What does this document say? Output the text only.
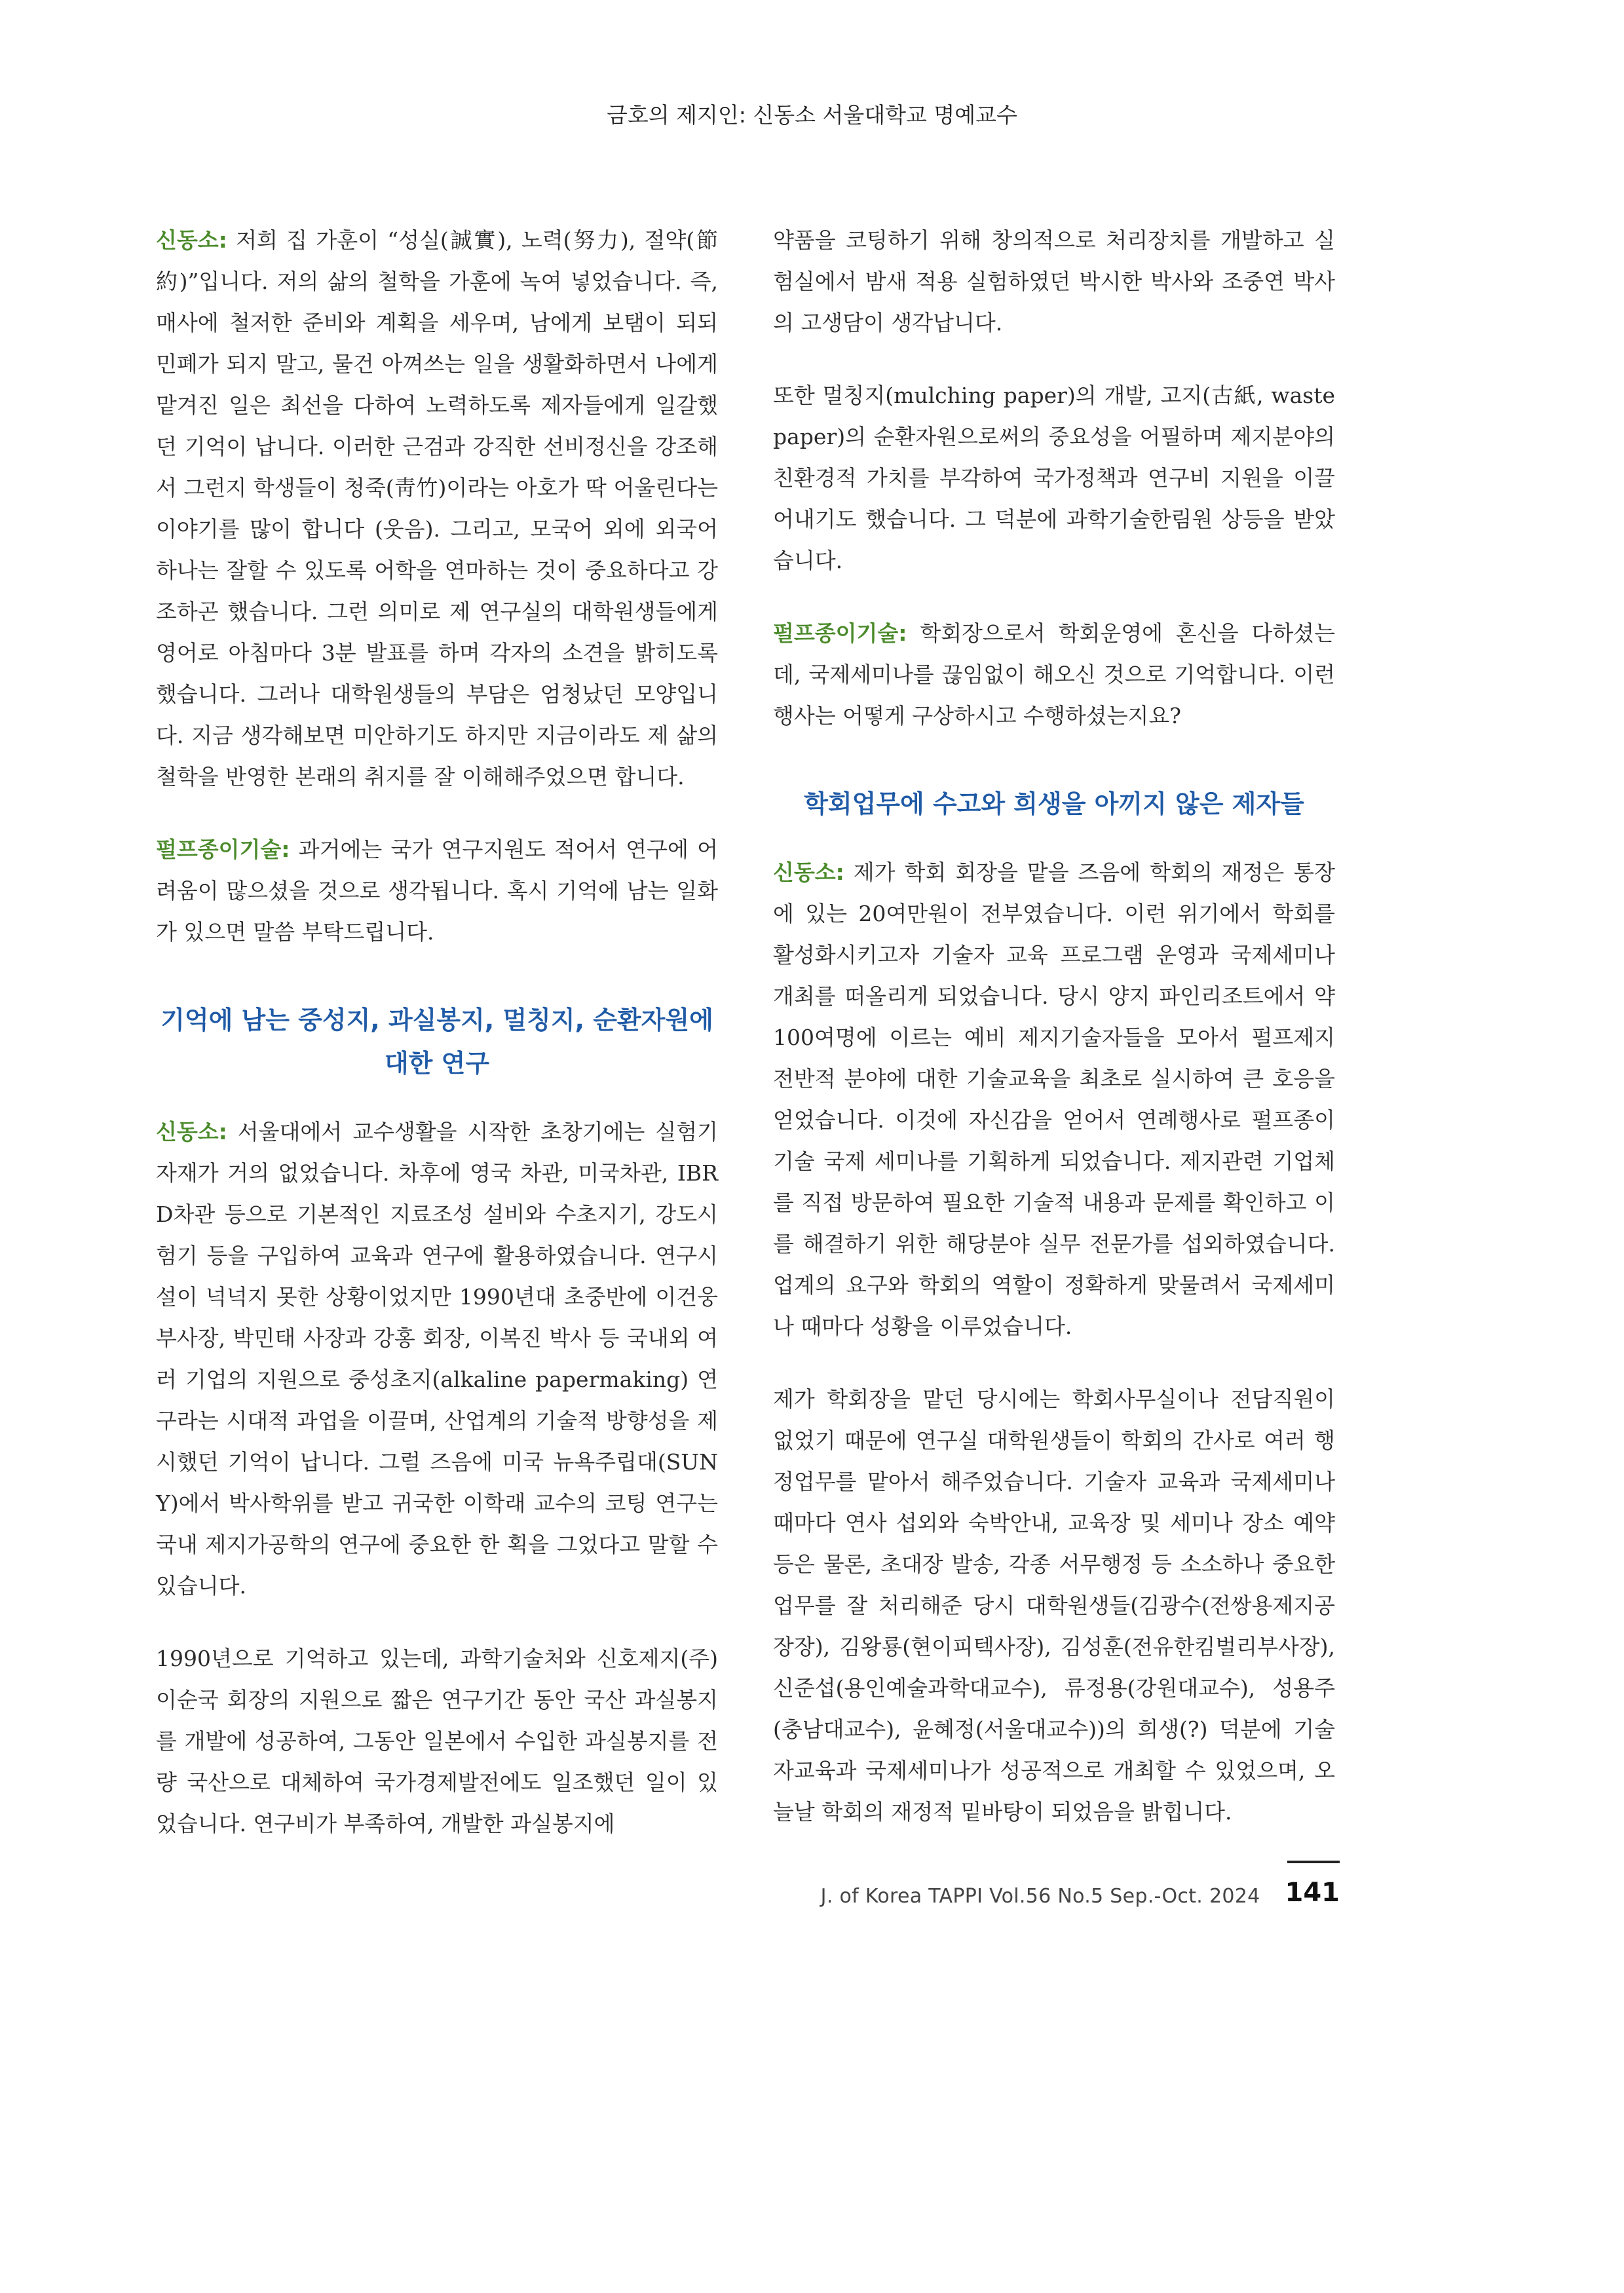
금호의 제지인: 신동소 서울대학교 명예교수

신동소: 저희 집 가훈이 “성실(誠實), 노력(努力), 절약(節約)”입니다. 저의 삶의 철학을 가훈에 녹여 넣었습니다. 즉, 매사에 철저한 준비와 계획을 세우며, 남에게 보탬이 되되 민폐가 되지 말고, 물건 아껴쓰는 일을 생활화하면서 나에게 맡겨진 일은 최선을 다하여 노력하도록 제자들에게 일갈했던 기억이 납니다. 이러한 근검과 강직한 선비정신을 강조해서 그런지 학생들이 청죽(靑竹)이라는 아호가 딱 어울린다는 이야기를 많이 합니다 (웃음). 그리고, 모국어 외에 외국어 하나는 잘할 수 있도록 어학을 연마하는 것이 중요하다고 강조하곤 했습니다. 그런 의미로 제 연구실의 대학원생들에게 영어로 아침마다 3분 발표를 하며 각자의 소견을 밝히도록 했습니다. 그러나 대학원생들의 부담은 엄청났던 모양입니다. 지금 생각해보면 미안하기도 하지만 지금이라도 제 삶의 철학을 반영한 본래의 취지를 잘 이해해주었으면 합니다.

펄프종이기술: 과거에는 국가 연구지원도 적어서 연구에 어려움이 많으셨을 것으로 생각됩니다. 혹시 기억에 남는 일화가 있으면 말씀 부탁드립니다.

기억에 남는 중성지, 과실봉지, 멀칭지, 순환자원에 대한 연구

신동소: 서울대에서 교수생활을 시작한 초창기에는 실험기자재가 거의 없었습니다. 차후에 영국 차관, 미국차관, IBRD차관 등으로 기본적인 지료조성 설비와 수초지기, 강도시험기 등을 구입하여 교육과 연구에 활용하였습니다. 연구시설이 넉넉지 못한 상황이었지만 1990년대 초중반에 이건웅 부사장, 박민태 사장과 강홍 회장, 이복진 박사 등 국내외 여러 기업의 지원으로 중성초지(alkaline papermaking) 연구라는 시대적 과업을 이끌며, 산업계의 기술적 방향성을 제시했던 기억이 납니다. 그럴 즈음에 미국 뉴욕주립대(SUNY)에서 박사학위를 받고 귀국한 이학래 교수의 코팅 연구는 국내 제지가공학의 연구에 중요한 한 획을 그었다고 말할 수 있습니다.

1990년으로 기억하고 있는데, 과학기술처와 신호제지(주) 이순국 회장의 지원으로 짧은 연구기간 동안 국산 과실봉지를 개발에 성공하여, 그동안 일본에서 수입한 과실봉지를 전량 국산으로 대체하여 국가경제발전에도 일조했던 일이 있었습니다. 연구비가 부족하여, 개발한 과실봉지에

약품을 코팅하기 위해 창의적으로 처리장치를 개발하고 실험실에서 밤새 적용 실험하였던 박시한 박사와 조중연 박사의 고생담이 생각납니다.

또한 멀칭지(mulching paper)의 개발, 고지(古紙, waste paper)의 순환자원으로써의 중요성을 어필하며 제지분야의 친환경적 가치를 부각하여 국가정책과 연구비 지원을 이끌어내기도 했습니다. 그 덕분에 과학기술한림원 상등을 받았습니다.

펄프종이기술: 학회장으로서 학회운영에 혼신을 다하셨는데, 국제세미나를 끊임없이 해오신 것으로 기억합니다. 이런 행사는 어떻게 구상하시고 수행하셨는지요?

학회업무에 수고와 희생을 아끼지 않은 제자들

신동소: 제가 학회 회장을 맡을 즈음에 학회의 재정은 통장에 있는 20여만원이 전부였습니다. 이런 위기에서 학회를 활성화시키고자 기술자 교육 프로그램 운영과 국제세미나 개최를 떠올리게 되었습니다. 당시 양지 파인리조트에서 약 100여명에 이르는 예비 제지기술자들을 모아서 펄프제지 전반적 분야에 대한 기술교육을 최초로 실시하여 큰 호응을 얻었습니다. 이것에 자신감을 얻어서 연례행사로 펄프종이기술 국제 세미나를 기획하게 되었습니다. 제지관련 기업체를 직접 방문하여 필요한 기술적 내용과 문제를 확인하고 이를 해결하기 위한 해당분야 실무 전문가를 섭외하였습니다. 업계의 요구와 학회의 역할이 정확하게 맞물려서 국제세미나 때마다 성황을 이루었습니다.

제가 학회장을 맡던 당시에는 학회사무실이나 전담직원이 없었기 때문에 연구실 대학원생들이 학회의 간사로 여러 행정업무를 맡아서 해주었습니다. 기술자 교육과 국제세미나 때마다 연사 섭외와 숙박안내, 교육장 및 세미나 장소 예약 등은 물론, 초대장 발송, 각종 서무행정 등 소소하나 중요한 업무를 잘 처리해준 당시 대학원생들(김광수(전쌍용제지공장장), 김왕룡(현이피텍사장), 김성훈(전유한킴벌리부사장), 신준섭(용인예술과학대교수), 류정용(강원대교수), 성용주(충남대교수), 윤혜정(서울대교수))의 희생(?) 덕분에 기술자교육과 국제세미나가 성공적으로 개최할 수 있었으며, 오늘날 학회의 재정적 밑바탕이 되었음을 밝힙니다.

J. of Korea TAPPI Vol.56 No.5 Sep.-Oct. 2024 141
